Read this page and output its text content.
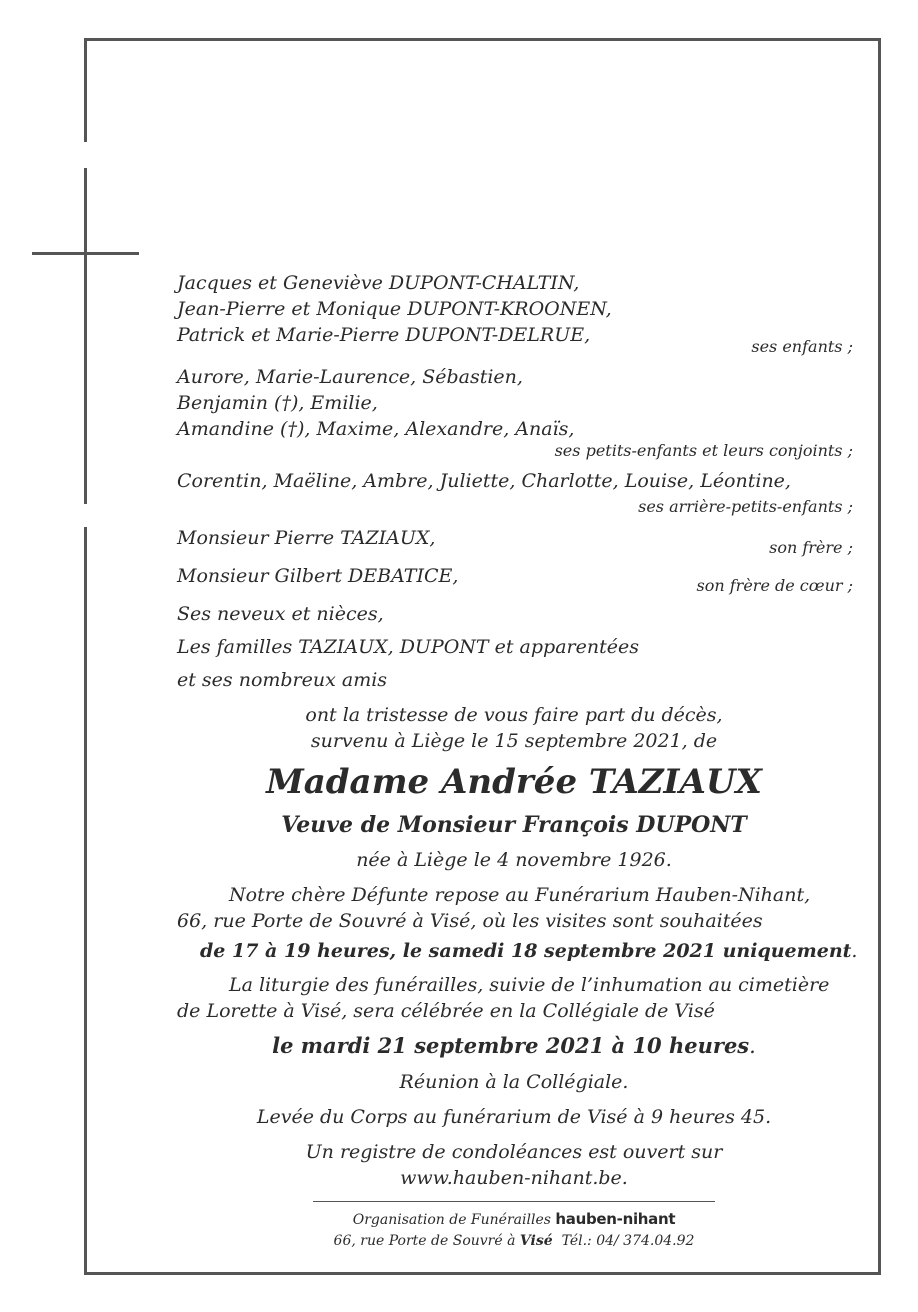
Jacques et Geneviève DUPONT-CHALTIN,
Jean-Pierre et Monique DUPONT-KROONEN,
Patrick et Marie-Pierre DUPONT-DELRUE,
ses enfants ;
Aurore, Marie-Laurence, Sébastien,
Benjamin (†), Emilie,
Amandine (†), Maxime, Alexandre, Anaïs,
ses petits-enfants et leurs conjoints ;
Corentin, Maëline, Ambre, Juliette, Charlotte, Louise, Léontine,
ses arrière-petits-enfants ;
Monsieur Pierre TAZIAUX,	son frère ;
Monsieur Gilbert DEBATICE,	son frère de cœur ;
Ses neveux et nièces,
Les familles TAZIAUX, DUPONT et apparentées
et ses nombreux amis
ont la tristesse de vous faire part du décès,
survenu à Liège le 15 septembre 2021, de
Madame Andrée TAZIAUX
Veuve de Monsieur François DUPONT
née à Liège le 4 novembre 1926.
Notre chère Défunte repose au Funérarium Hauben-Nihant,
66, rue Porte de Souvré à Visé, où les visites sont souhaitées
de 17 à 19 heures, le samedi 18 septembre 2021 uniquement.
La liturgie des funérailles, suivie de l’inhumation au cimetière
de Lorette à Visé, sera célébrée en la Collégiale de Visé
le mardi 21 septembre 2021 à 10 heures.
Réunion à la Collégiale.
Levée du Corps au funérarium de Visé à 9 heures 45.
Un registre de condoléances est ouvert sur
www.hauben-nihant.be.
Organisation de Funérailles hauben-nihant
66, rue Porte de Souvré à Visé Tél.: 04/ 374.04.92
